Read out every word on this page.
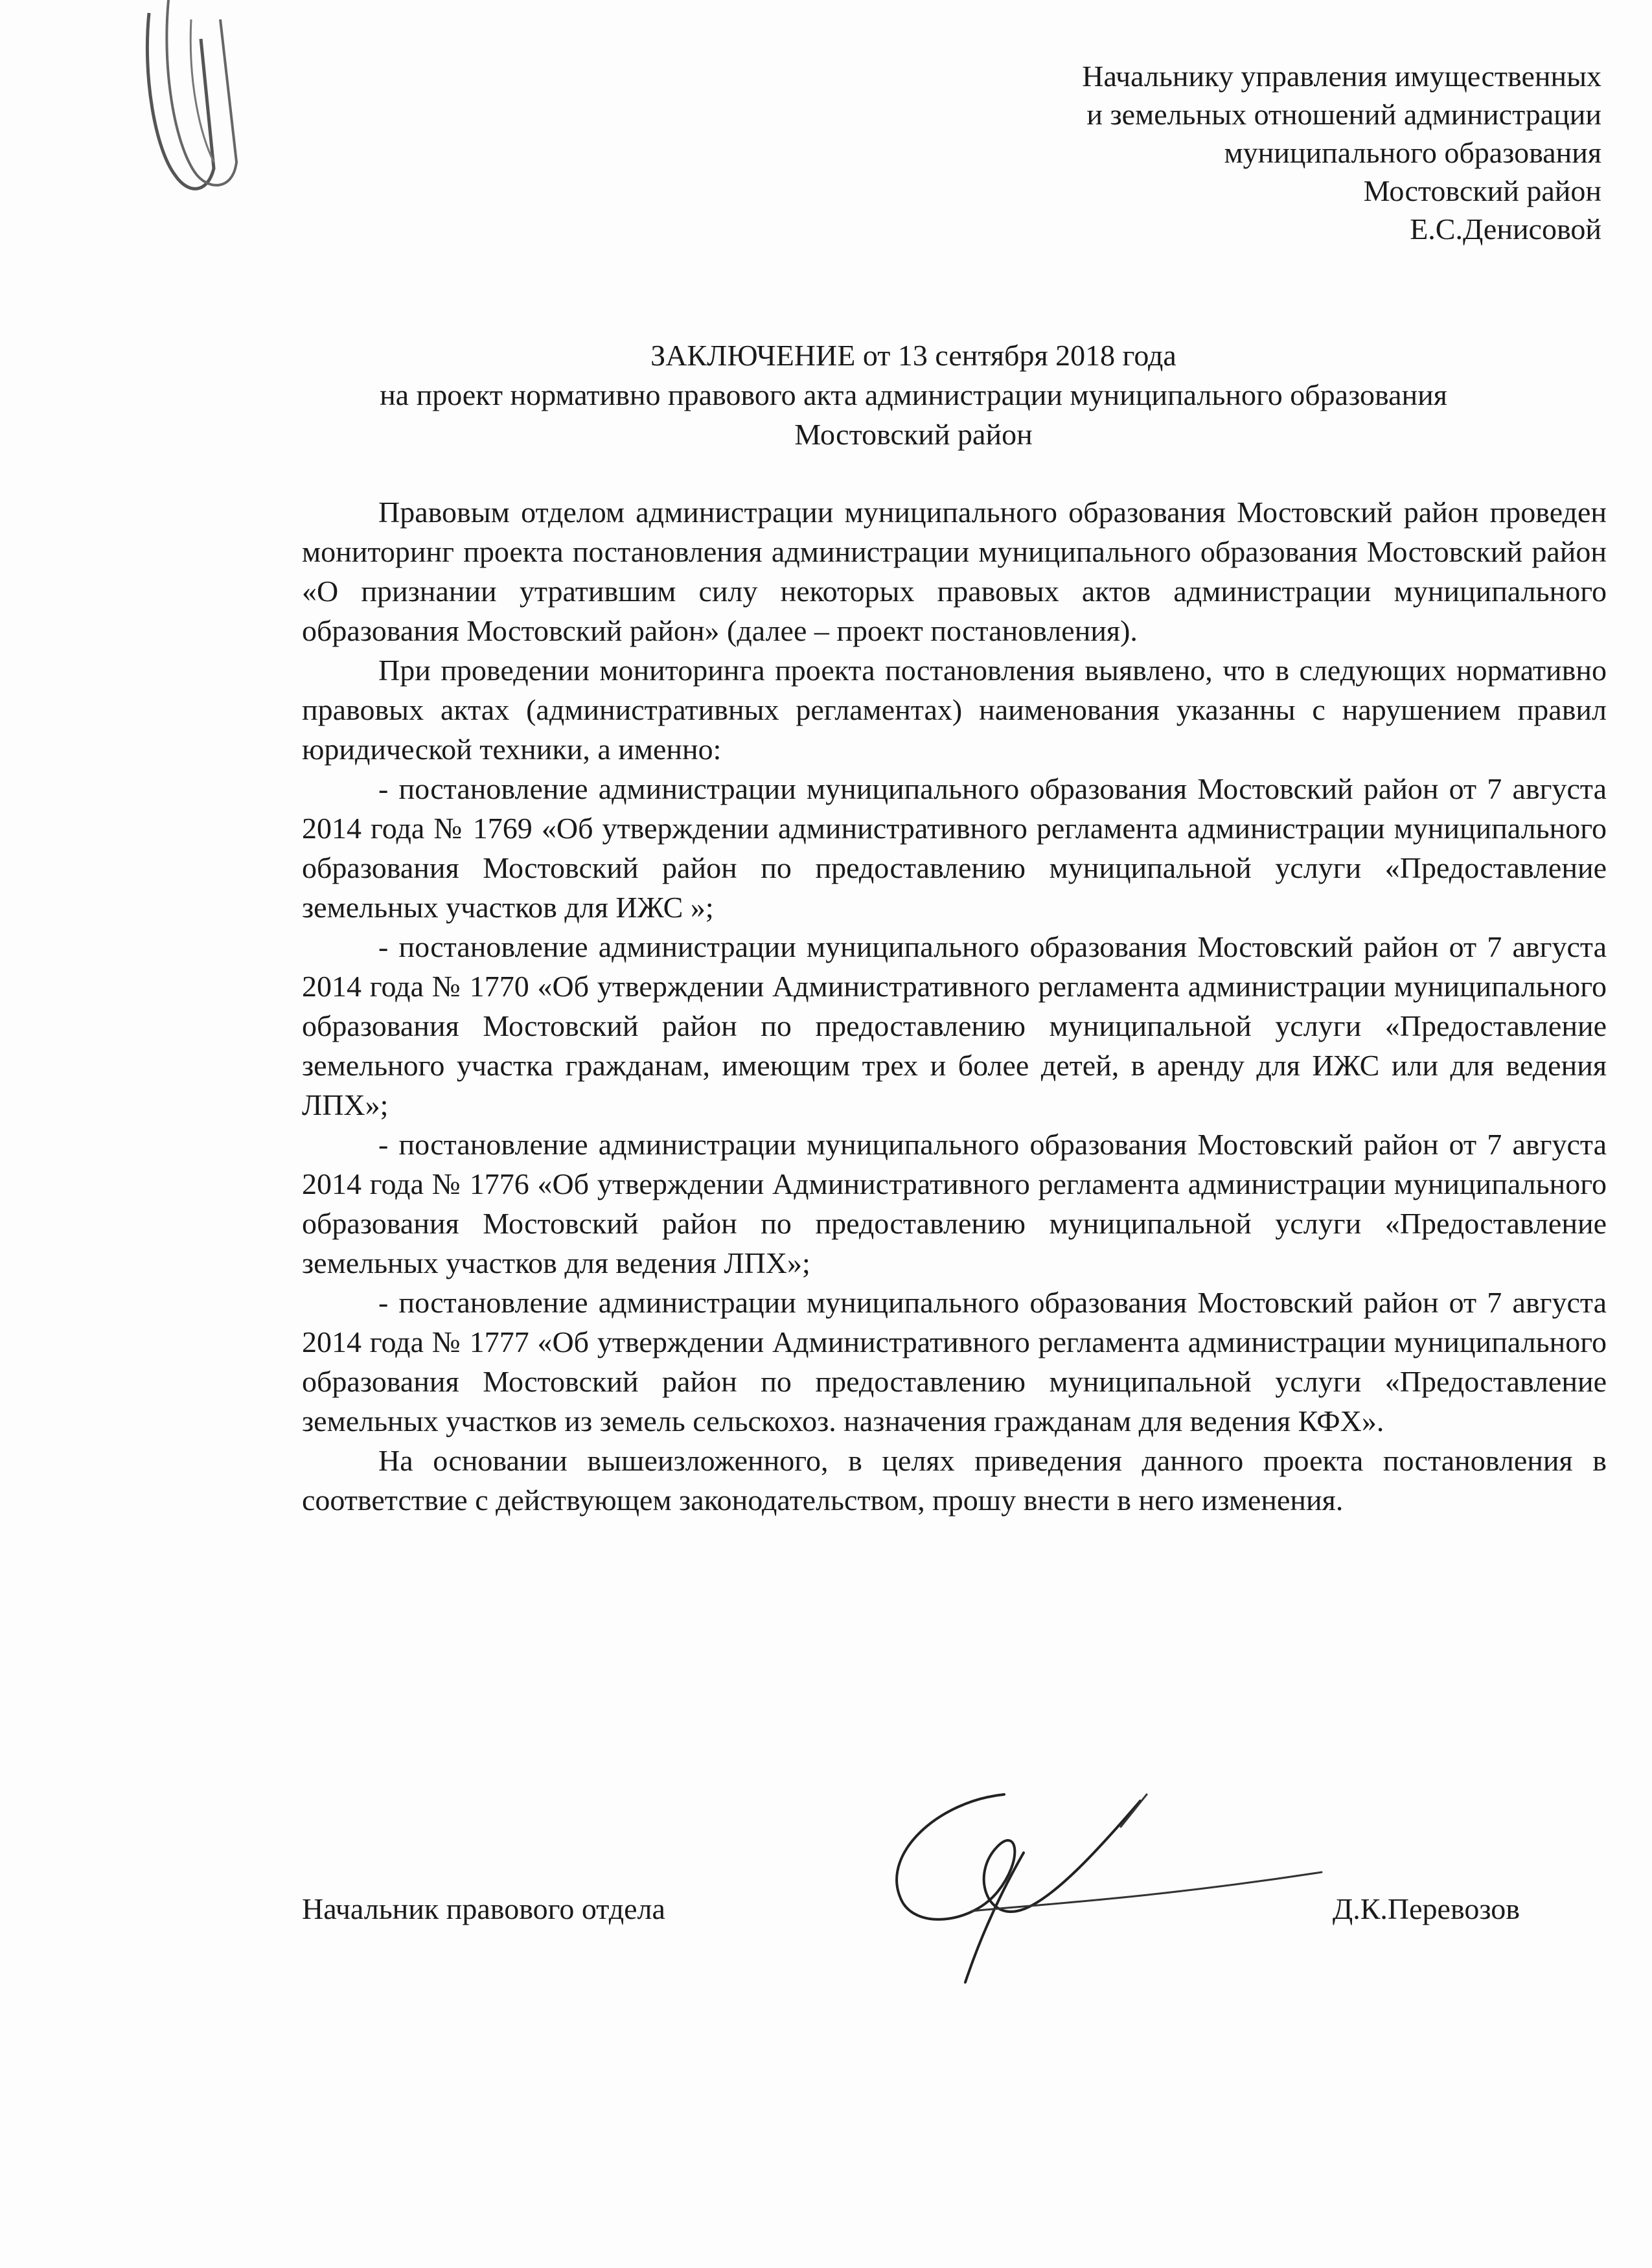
Начальнику управления имущественных
и земельных отношений администрации
муниципального образования
Мостовский район
Е.С.Денисовой
ЗАКЛЮЧЕНИЕ от 13 сентября 2018 года
на проект нормативно правового акта администрации муниципального образования
Мостовский район

Правовым отделом администрации муниципального образования Мостовский район проведен мониторинг проекта постановления администрации муниципального образования Мостовский район «О признании утратившим силу некоторых правовых актов администрации муниципального образования Мостовский район» (далее – проект постановления).

При проведении мониторинга проекта постановления выявлено, что в следующих нормативно правовых актах (административных регламентах) наименования указанны с нарушением правил юридической техники, а именно:

- постановление администрации муниципального образования Мостовский район от 7 августа 2014 года № 1769 «Об утверждении административного регламента администрации муниципального образования Мостовский район по предоставлению муниципальной услуги «Предоставление земельных участков для ИЖС »;

- постановление администрации муниципального образования Мостовский район от 7 августа 2014 года № 1770 «Об утверждении Административного регламента администрации муниципального образования Мостовский район по предоставлению муниципальной услуги «Предоставление земельного участка гражданам, имеющим трех и более детей, в аренду для ИЖС или для ведения ЛПХ»;

- постановление администрации муниципального образования Мостовский район от 7 августа 2014 года № 1776 «Об утверждении Административного регламента администрации муниципального образования Мостовский район по предоставлению муниципальной услуги «Предоставление земельных участков для ведения ЛПХ»;

- постановление администрации муниципального образования Мостовский район от 7 августа 2014 года № 1777 «Об утверждении Административного регламента администрации муниципального образования Мостовский район по предоставлению муниципальной услуги «Предоставление земельных участков из земель сельскохоз. назначения гражданам для ведения КФХ».

На основании вышеизложенного, в целях приведения данного проекта постановления в соответствие с действующем законодательством, прошу внести в него изменения.

Начальник правового отдела	Д.К.Перевозов
